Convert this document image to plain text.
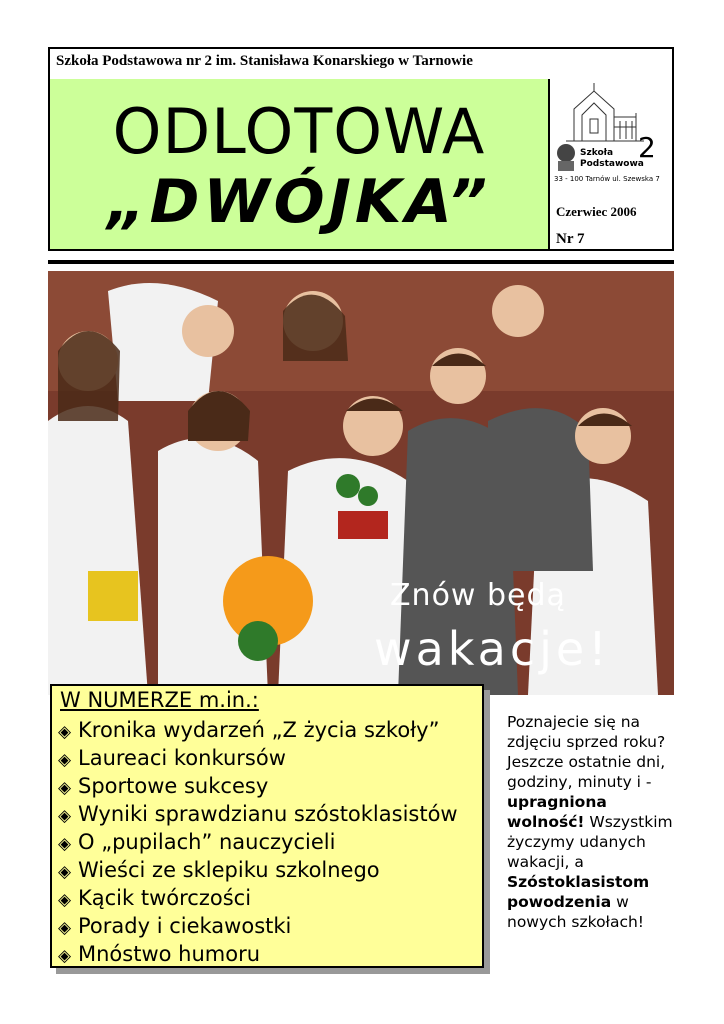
Szkoła Podstawowa nr 2 im. Stanisława Konarskiego w Tarnowie
ODLOTOWA
„DWÓJKA”
2
Szkoła
Podstawowa
33 - 100 Tarnów ul. Szewska 7
Czerwiec 2006
Nr 7
Znów będą
wakacje!
W NUMERZE m.in.:
◈ Kronika wydarzeń „Z życia szkoły”
◈ Laureaci konkursów
◈ Sportowe sukcesy
◈ Wyniki sprawdzianu szóstoklasistów
◈ O „pupilach” nauczycieli
◈ Wieści ze sklepiku szkolnego
◈ Kącik twórczości
◈ Porady i ciekawostki
◈ Mnóstwo humoru
Poznajecie się na zdjęciu sprzed roku? Jeszcze ostatnie dni, godziny, minuty i - upragniona wolność! Wszystkim życzymy udanych wakacji, a Szóstoklasistom powodzenia w nowych szkołach!
